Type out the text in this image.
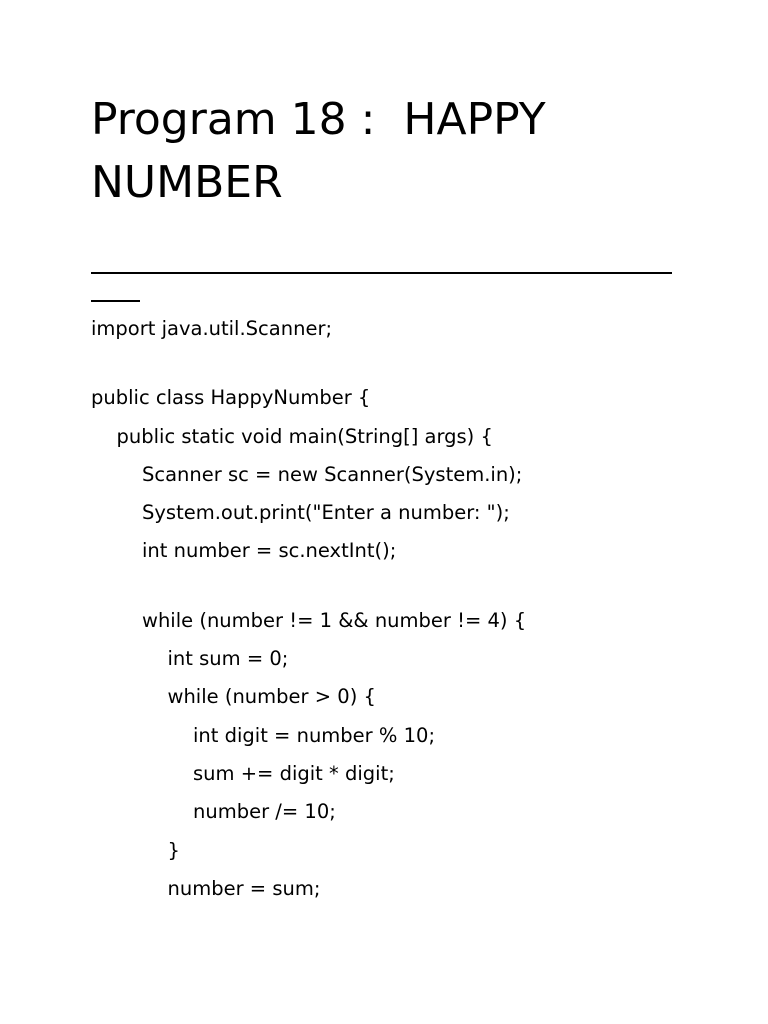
Program 18 :  HAPPY NUMBER
import java.util.Scanner;
public class HappyNumber {
public static void main(String[] args) {
Scanner sc = new Scanner(System.in);
System.out.print("Enter a number: ");
int number = sc.nextInt();
while (number != 1 && number != 4) {
int sum = 0;
while (number > 0) {
int digit = number % 10;
sum += digit * digit;
number /= 10;
}
number = sum;
